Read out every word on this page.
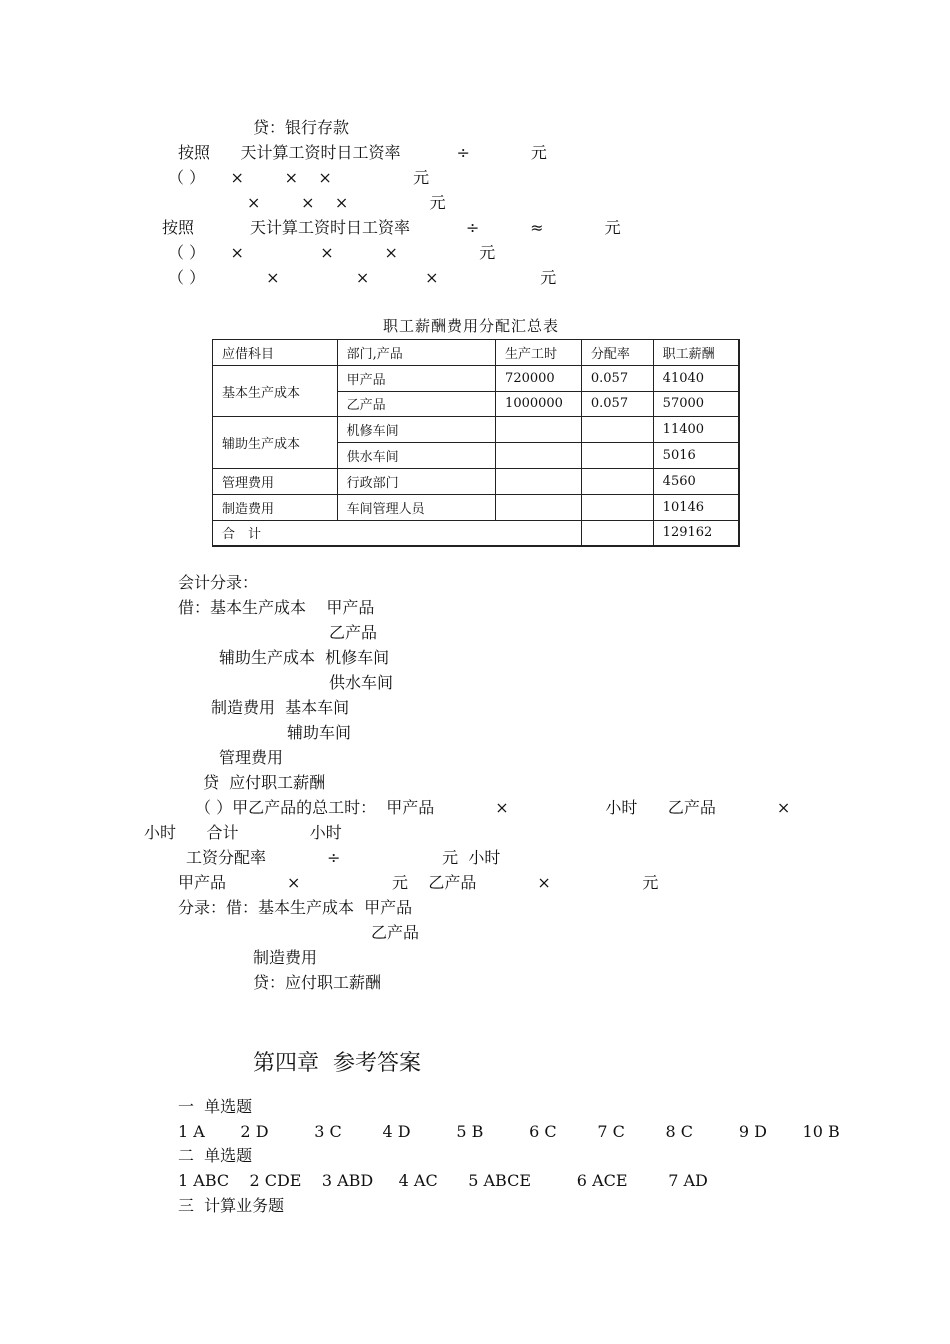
贷：银行存款
按照      天计算工资时日工资率           ÷            元
（ ）     ×        ×    ×                元
×        ×    ×                元
按照           天计算工资时日工资率           ÷          ≈            元
（ ）     ×               ×          ×                元
（ ）            ×               ×           ×                    元
职工薪酬费用分配汇总表
应借科目	部门,产品	生产工时	分配率	职工薪酬
基本生产成本	甲产品	720000	0.057	41040
	乙产品	1000000	0.057	57000
辅助生产成本	机修车间			11400
	供水车间			5016
管理费用	行政部门			4560
制造费用	车间管理人员			10146
合　计				129162
会计分录：
借：基本生产成本    甲产品
乙产品
辅助生产成本  机修车间
供水车间
制造费用  基本车间
辅助车间
管理费用
贷  应付职工薪酬
（ ）甲乙产品的总工时：  甲产品            ×                   小时      乙产品            ×
小时      合计              小时
工资分配率            ÷                    元  小时
甲产品            ×                  元    乙产品            ×                  元
分录：借：基本生产成本  甲产品
乙产品
制造费用
贷：应付职工薪酬
第四章  参考答案
一  单选题
1 A       2 D         3 C        4 D         5 B         6 C        7 C        8 C         9 D       10 B
二  单选题
1 ABC    2 CDE    3 ABD     4 AC      5 ABCE         6 ACE        7 AD
三  计算业务题
